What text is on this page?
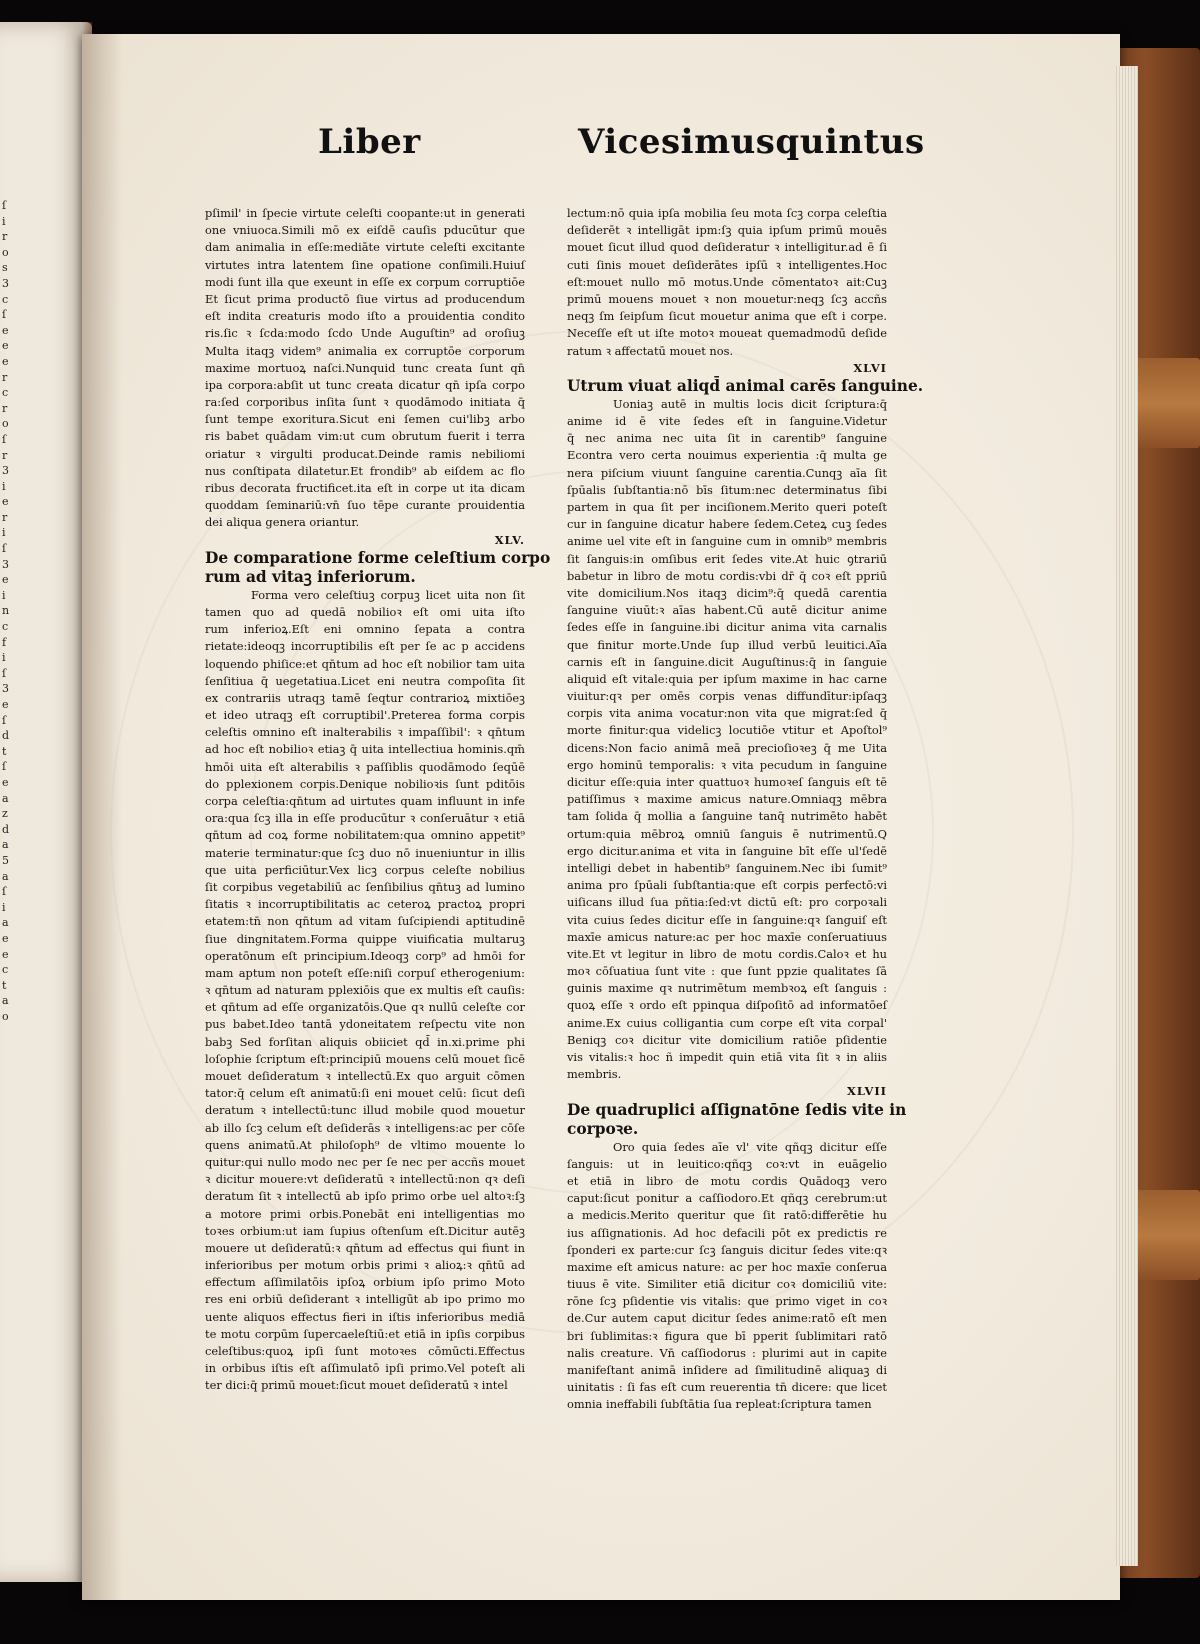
ſ
i
r
o
s
3
c
ſ
e
e
e
r
c
r
o
ſ
r
3
i
e
r
i
ſ
3
e
i
n
c
f
i
ſ
3
e
ſ
d
t
ſ
e
a
z
d
a
5
a
ſ
i
a
e
e
c
t
a
o
Liber	Vicesimusquintus
pſimil' in ſpecie virtute celeſti coopante:ut in generati
one vniuoca.Simili mō ex eiſdē cauſis pducūtur que
dam animalia in eſſe:mediāte virtute celeſti excitante
virtutes intra latentem ſine opatione conſimili.Huiuſ
modi ſunt illa que exeunt in eſſe ex corpum corruptiōe
Et ſicut prima productō ſiue virtus ad producendum
eſt indita creaturis modo iſto a prouidentia condito
ris.ſic ꝛ ſcda:modo ſcdo Unde Auguſtin⁹ ad oroſiuꝫ
Multa itaqꝫ videm⁹ animalia ex corruptōe corporum
maxime mortuoꝝ naſci.Nunquid tunc creata ſunt qn̄
ipa corpora:abſit ut tunc creata dicatur qn̄ ipſa corpo
ra:ſed corporibus inſita ſunt ꝛ quodāmodo initiata q̄
ſunt tempe exoritura.Sicut eni ſemen cui'libꝫ arbo
ris babet quādam vim:ut cum obrutum fuerit i terra
oriatur ꝛ virgulti producat.Deinde ramis nebiliomi
nus conſtipata dilatetur.Et frondib⁹ ab eiſdem ac flo
ribus decorata fructificet.ita eſt in corpe ut ita dicam
quoddam ſeminariū:vn̄ ſuo tēpe curante prouidentia
dei aliqua genera oriantur.
XLV.
De comparatione forme celeſtium corpo
rum ad vitaꝫ inferiorum.
Forma vero celeſtiuꝫ corpuꝫ licet uita non ſit
tamen quo ad quedā nobilioꝛ eſt omi uita iſto
rum inferioꝝ.Eſt eni omnino ſepata a contra
rietate:ideoqꝫ incorruptibilis eſt per ſe ac p accidens
loquendo phiſice:et qn̄tum ad hoc eſt nobilior tam uita
ſenſitiua q̄ uegetatiua.Licet eni neutra compoſita ſit
ex contrariis utraqꝫ tamē ſeqtur contrarioꝝ mixtiōeꝫ
et ideo utraqꝫ eſt corruptibil'.Preterea forma corpis
celeſtis omnino eſt inalterabilis ꝛ impaſſibil': ꝛ qn̄tum
ad hoc eſt nobilioꝛ etiaꝫ q̄ uita intellectiua hominis.qm̄
hmōi uita eſt alterabilis ꝛ paſſiblis quodāmodo ſeqūē
do pplexionem corpis.Denique nobilioꝛis ſunt pditōis
corpa celeſtia:qn̄tum ad uirtutes quam influunt in infe
ora:qua ſcꝫ illa in eſſe producūtur ꝛ conſeruātur ꝛ etiā
qn̄tum ad coꝝ forme nobilitatem:qua omnino appetit⁹
materie terminatur:que ſcꝫ duo nō inueniuntur in illis
que uita perficiūtur.Vex licꝫ corpus celeſte nobilius
ſit corpibus vegetabiliū ac ſenſibilius qn̄tuꝫ ad lumino
ſitatis ꝛ incorruptibilitatis ac ceteroꝝ practoꝝ propri
etatem:tn̄ non qn̄tum ad vitam ſuſcipiendi aptitudinē
ſiue dingnitatem.Forma quippe viuificatia multaruꝫ
operatōnum eſt principium.Ideoqꝫ corp⁹ ad hmōi for
mam aptum non poteſt eſſe:niſi corpuſ etherogenium:
ꝛ qn̄tum ad naturam pplexiōis que ex multis eſt cauſis:
et qn̄tum ad eſſe organizatōis.Que qꝛ nullū celeſte cor
pus babet.Ideo tantā ydoneitatem reſpectu vite non
babꝫ Sed forſitan aliquis obiiciet qd̄ in.xi.prime phi
loſophie ſcriptum eſt:principiū mouens celū mouet ſicē
mouet deſideratum ꝛ intellectū.Ex quo arguit cōmen
tator:q̄ celum eſt animatū:ſi eni mouet celū: ſicut deſi
deratum ꝛ intellectū:tunc illud mobile quod mouetur
ab illo ſcꝫ celum eſt deſiderās ꝛ intelligens:ac per cōſe
quens animatū.At philoſoph⁹ de vltimo mouente lo
quitur:qui nullo modo nec per ſe nec per accñs mouet
ꝛ dicitur mouere:vt deſideratū ꝛ intellectū:non qꝛ deſi
deratum ſit ꝛ intellectū ab ipſo primo orbe uel altoꝛ:ſꝫ
a motore primi orbis.Ponebāt eni intelligentias mo
toꝛes orbium:ut iam ſupius oſtenſum eſt.Dicitur autēꝫ
mouere ut deſideratū:ꝛ qn̄tum ad effectus qui fiunt in
inferioribus per motum orbis primi ꝛ alioꝝ:ꝛ qn̄tū ad
effectum aſſimilatōis ipſoꝝ orbium ipſo primo Moto
res eni orbiū deſiderant ꝛ intelligūt ab ipo primo mo
uente aliquos effectus fieri in iſtis inferioribus mediā
te motu corpūm ſupercaeleſtiū:et etiā in ipſis corpibus
celeſtibus:quoꝝ ipſi ſunt motoꝛes cōmūcti.Effectus
in orbibus iſtis eſt aſſimulatō ipſi primo.Vel poteſt ali
ter dici:q̄ primū mouet:ſicut mouet deſideratū ꝛ intel
lectum:nō quia ipſa mobilia ſeu mota ſcꝫ corpa celeſtia
deſiderēt ꝛ intelligāt ipm:ſꝫ quia ipſum primū mouēs
mouet ſicut illud quod deſideratur ꝛ intelligitur.ad ē ſi
cuti ſinis mouet deſiderātes ipſū ꝛ intelligentes.Hoc
eſt:mouet nullo mō motus.Unde cōmentatoꝛ ait:Cuꝫ
primū mouens mouet ꝛ non mouetur:neqꝫ ſcꝫ accñs
neqꝫ ſm ſeipſum ſicut mouetur anima que eſt i corpe.
Neceſſe eſt ut iſte motoꝛ moueat quemadmodū deſide
ratum ꝛ affectatū mouet nos.
XLVI
Utrum viuat aliqd̄ animal carēs ſanguine.
Uoniaꝫ autē in multis locis dicit ſcriptura:q̄
anime id ē vite ſedes eſt in ſanguine.Videtur
q̄ nec anima nec uita ſit in carentib⁹ ſanguine
Econtra vero certa nouimus experientia :q̄ multa ge
nera piſcium viuunt ſanguine carentia.Cunqꝫ aīa ſit
ſpūalis ſubſtantia:nō bīs ſitum:nec determinatus ſibi
partem in qua ſit per inciſionem.Merito queri poteſt
cur in ſanguine dicatur habere ſedem.Ceteꝝ cuꝫ ſedes
anime uel vite eſt in ſanguine cum in omnib⁹ membris
ſit ſanguis:in omſibus erit ſedes vite.At huic ꝯtrariū
babetur in libro de motu cordis:vbi dr̄ q̄ coꝛ eſt ppriū
vite domicilium.Nos itaqꝫ dicim⁹:q̄ quedā carentia
ſanguine viuūt:ꝛ aīas habent.Cū autē dicitur anime
ſedes eſſe in ſanguine.ibi dicitur anima vita carnalis
que finitur morte.Unde ſup illud verbū leuitici.Aīa
carnis eſt in ſanguine.dicit Auguſtinus:q̄ in ſanguie
aliquid eſt vitale:quia per ipſum maxime in hac carne
viuitur:qꝛ per omēs corpis venas diffundītur:ipſaqꝫ
corpis vita anima vocatur:non vita que migrat:ſed q̄
morte finitur:qua videlicꝫ locutiōe vtitur et Apoſtol⁹
dicens:Non facio animā meā precioſioꝛeꝫ q̄ me Uita
ergo hominū temporalis: ꝛ vita pecudum in ſanguine
dicitur eſſe:quia inter quattuoꝛ humoꝛeſ ſanguis eſt tē
patiſſimus ꝛ maxime amicus nature.Omniaqꝫ mēbra
tam ſolida q̄ mollia a ſanguine tanq̄ nutrimēto habēt
ortum:quia mēbroꝝ omniū ſanguis ē nutrimentū.Q
ergo dicitur.anima et vita in ſanguine bīt eſſe ul'ſedē
intelligi debet in habentib⁹ ſanguinem.Nec ibi ſumit⁹
anima pro ſpūali ſubſtantia:que eſt corpis perfectō:vi
uiſicans illud ſua pñtia:ſed:vt dictū eſt: pro corpoꝛali
vita cuius ſedes dicitur eſſe in ſanguine:qꝛ ſanguiſ eſt
maxīe amicus nature:ac per hoc maxīe conſeruatiuus
vite.Et vt legitur in libro de motu cordis.Caloꝛ et hu
moꝛ cōſuatiua ſunt vite : que ſunt ppzie qualitates ſā
guinis maxime qꝛ nutrimētum membꝛoꝝ eſt ſanguis :
quoꝝ eſſe ꝛ ordo eſt ppinqua diſpoſitō ad informatōeſ
anime.Ex cuius colligantia cum corpe eſt vita corpal'
Beniqꝫ coꝛ dicitur vite domicilium ratiōe pſidentie
vis vitalis:ꝛ hoc ñ impedit quin etiā vita ſit ꝛ in aliis
membris.
XLVII
De quadruplici aſſignatōne ſedis vite in
corpoꝛe.
Oro quia ſedes aīe vl' vite qñqꝫ dicitur eſſe
ſanguis: ut in leuitico:qñqꝫ coꝛ:vt in euāgelio
et etiā in libro de motu cordis Quādoqꝫ vero
caput:ſicut ponitur a caſſiodoro.Et qñqꝫ cerebrum:ut
a medicis.Merito queritur que ſit ratō:differētie hu
ius aſſignationis. Ad hoc defacili pōt ex predictis re
ſponderi ex parte:cur ſcꝫ ſanguis dicitur ſedes vite:qꝛ
maxime eſt amicus nature: ac per hoc maxīe conſerua
tiuus ē vite. Similiter etiā dicitur coꝛ domiciliū vite:
rōne ſcꝫ pſidentie vis vitalis: que primo viget in coꝛ
de.Cur autem caput dicitur ſedes anime:ratō eſt men
bri ſublimitas:ꝛ figura que bī pperit ſublimitari ratō
nalis creature. Vn̄ caſſiodorus : plurimi aut in capite
manifeſtant animā inſidere ad ſimilitudinē aliquaꝫ di
uinitatis : ſi fas eſt cum reuerentia tn̄ dicere: que licet
omnia ineffabili ſubſtātia ſua repleat:ſcriptura tamen
